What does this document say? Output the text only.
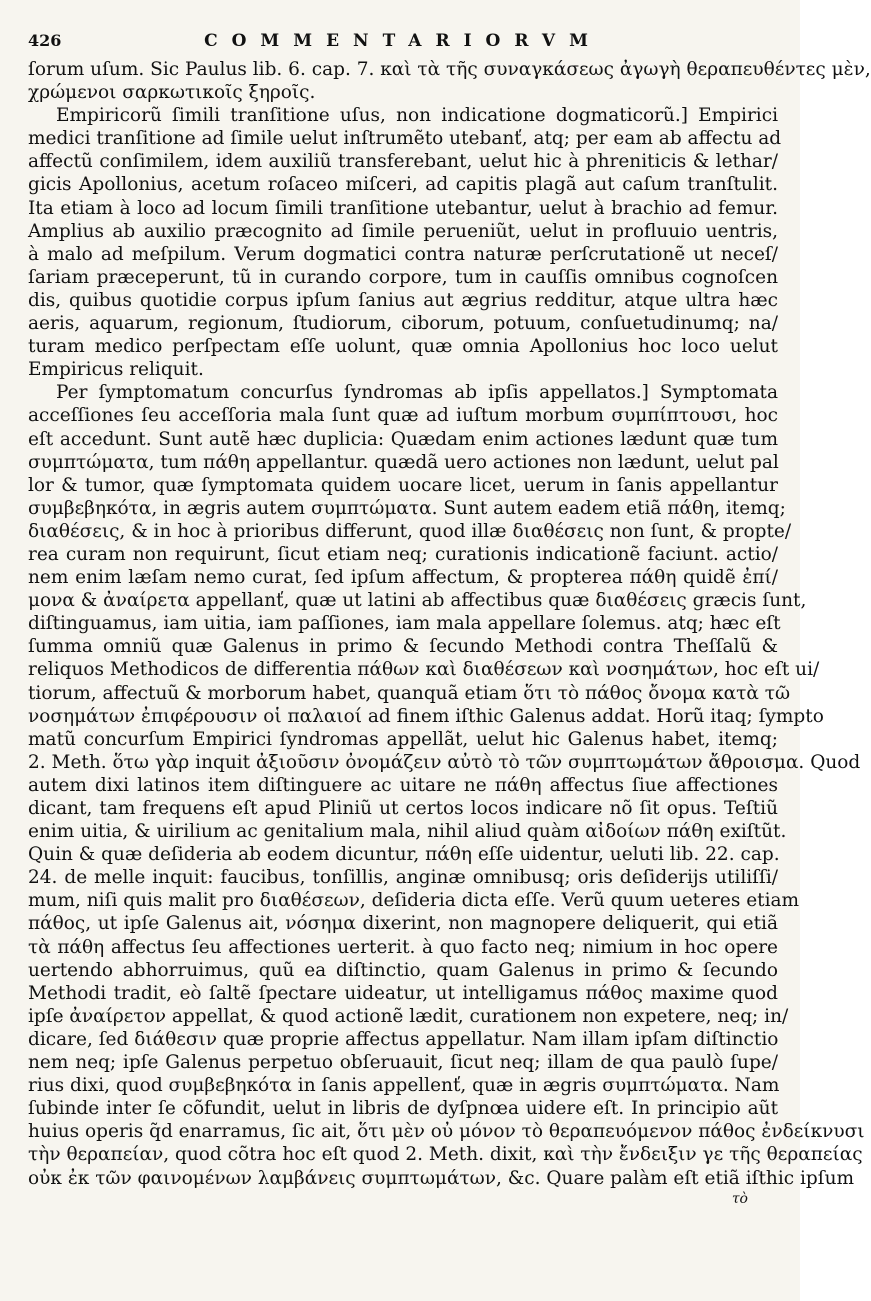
426	COMMENTARIORVM
ſorum uſum. Sic Paulus lib. 6. cap. 7. καὶ τὰ τῆς συναγκάσεως ἀγωγὴ θεραπευθέντες μὲν,
χρώμενοι σαρκωτικοῖς ξηροῖς.
Empiricorũ ſimili tranſitione uſus, non indicatione dogmaticorũ.] Empirici
medici tranſitione ad ſimile uelut inſtrumẽto utebanť, atq; per eam ab affectu ad
affectũ conſimilem, idem auxiliũ transferebant, uelut hic à phreniticis & lethar/
gicis Apollonius, acetum roſaceo miſceri, ad capitis plagã aut caſum tranſtulit.
Ita etiam à loco ad locum ſimili tranſitione utebantur, uelut à brachio ad femur.
Amplius ab auxilio præcognito ad ſimile perueniũt, uelut in profluuio uentris,
à malo ad meſpilum. Verum dogmatici contra naturæ perſcrutationẽ ut neceſ/
ſariam præceperunt, tũ in curando corpore, tum in cauſſis omnibus cognoſcen
dis, quibus quotidie corpus ipſum ſanius aut ægrius redditur, atque ultra hæc
aeris, aquarum, regionum, ſtudiorum, ciborum, potuum, conſuetudinumq; na/
turam medico perſpectam eſſe uolunt, quæ omnia Apollonius hoc loco uelut
Empiricus reliquit.
Per ſymptomatum concurſus ſyndromas ab ipſis appellatos.] Symptomata
acceſſiones ſeu acceſſoria mala ſunt quæ ad iuſtum morbum συμπίπτουσι, hoc
eſt accedunt. Sunt autẽ hæc duplicia: Quædam enim actiones lædunt quæ tum
συμπτώματα, tum πάθη appellantur. quædã uero actiones non lædunt, uelut pal
lor & tumor, quæ ſymptomata quidem uocare licet, uerum in ſanis appellantur
συμβεβηκότα, in ægris autem συμπτώματα. Sunt autem eadem etiã πάθη, itemq;
διαθέσεις, & in hoc à prioribus differunt, quod illæ διαθέσεις non ſunt, & propte/
rea curam non requirunt, ſicut etiam neq; curationis indicationẽ faciunt. actio/
nem enim læſam nemo curat, ſed ipſum affectum, & propterea πάθη quidẽ ἐπί/
μονα & ἀναίρετα appellanť, quæ ut latini ab affectibus quæ διαθέσεις græcis ſunt,
diſtinguamus, iam uitia, iam paſſiones, iam mala appellare ſolemus. atq; hæc eſt
ſumma omniũ quæ Galenus in primo & ſecundo Methodi contra Theſſalũ &
reliquos Methodicos de differentia πάθων καὶ διαθέσεων καὶ νοσημάτων, hoc eſt ui/
tiorum, affectuũ & morborum habet, quanquã etiam ὅτι τὸ πάθος ὄνομα κατὰ τῶ
νοσημάτων ἐπιφέρουσιν οἱ παλαιοί ad finem iſthic Galenus addat. Horũ itaq; ſympto
matũ concurſum Empirici ſyndromas appellãt, uelut hic Galenus habet, itemq;
2. Meth. ὅτω γὰρ inquit ἀξιοῦσιν ὀνομάζειν αὐτὸ τὸ τῶν συμπτωμάτων ἄθροισμα. Quod
autem dixi latinos item diſtinguere ac uitare ne πάθη affectus ſiue affectiones
dicant, tam frequens eſt apud Pliniũ ut certos locos indicare nõ ſit opus. Teſtiũ
enim uitia, & uirilium ac genitalium mala, nihil aliud quàm αἰδοίων πάθη exiſtũt.
Quin & quæ deſideria ab eodem dicuntur, πάθη eſſe uidentur, ueluti lib. 22. cap.
24. de melle inquit: faucibus, tonſillis, anginæ omnibusq; oris deſiderijs utiliſſi/
mum, niſi quis malit pro διαθέσεων, deſideria dicta eſſe. Verũ quum ueteres etiam
πάθος, ut ipſe Galenus ait, νόσημα dixerint, non magnopere deliquerit, qui etiã
τὰ πάθη affectus ſeu affectiones uerterit. à quo facto neq; nimium in hoc opere
uertendo abhorruimus, quũ ea diſtinctio, quam Galenus in primo & ſecundo
Methodi tradit, eò ſaltẽ ſpectare uideatur, ut intelligamus πάθος maxime quod
ipſe ἀναίρετον appellat, & quod actionẽ lædit, curationem non expetere, neq; in/
dicare, ſed διάθεσιν quæ proprie affectus appellatur. Nam illam ipſam diſtinctio
nem neq; ipſe Galenus perpetuo obſeruauit, ſicut neq; illam de qua paulò ſupe/
rius dixi, quod συμβεβηκότα in ſanis appellenť, quæ in ægris συμπτώματα. Nam
ſubinde inter ſe cõfundit, uelut in libris de dyſpnœa uidere eſt. In principio aũt
huius operis q̃d enarramus, ſic ait, ὅτι μὲν οὐ μόνον τὸ θεραπευόμενον πάθος ἐνδείκνυσι
τὴν θεραπείαν, quod cõtra hoc eſt quod 2. Meth. dixit, καὶ τὴν ἔνδειξιν γε τῆς θεραπείας
οὐκ ἐκ τῶν φαινομένων λαμβάνεις συμπτωμάτων, &c. Quare palàm eſt etiã iſthic ipſum
τὸ
